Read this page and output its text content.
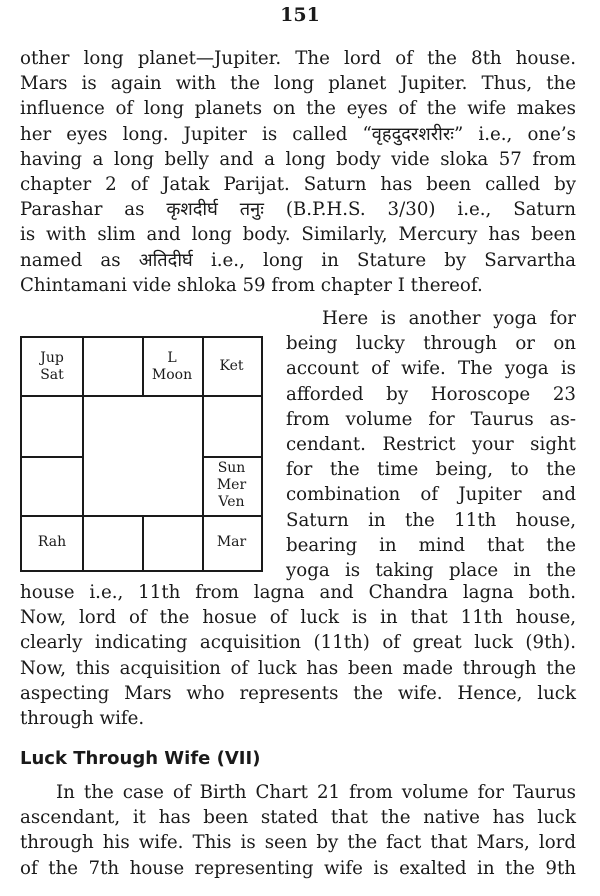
151
other long planet—Jupiter. The lord of the 8th house.
Mars is again with the long planet Jupiter. Thus, the
influence of long planets on the eyes of the wife makes
her eyes long. Jupiter is called “वृहदुदरशरीरः” i.e., one’s
having a long belly and a long body vide sloka 57 from
chapter 2 of Jatak Parijat. Saturn has been called by
Parashar as कृशदीर्घ तनुः (B.P.H.S. 3/30) i.e., Saturn
is with slim and long body. Similarly, Mercury has been
named as अतिदीर्घ i.e., long in Stature by Sarvartha
Chintamani vide shloka 59 from chapter I thereof.
Jup
Sat
L
Moon
Ket
Sun
Mer
Ven
Rah	Mar
Here is another yoga for
being lucky through or on
account of wife. The yoga is
afforded by Horoscope 23
from volume for Taurus as-
cendant. Restrict your sight
for the time being, to the
combination of Jupiter and
Saturn in the 11th house,
bearing in mind that the
yoga is taking place in the
house i.e., 11th from lagna and Chandra lagna both.
Now, lord of the hosue of luck is in that 11th house,
clearly indicating acquisition (11th) of great luck (9th).
Now, this acquisition of luck has been made through the
aspecting Mars who represents the wife. Hence, luck
through wife.
Luck Through Wife (VII)
In the case of Birth Chart 21 from volume for Taurus
ascendant, it has been stated that the native has luck
through his wife. This is seen by the fact that Mars, lord
of the 7th house representing wife is exalted in the 9th
